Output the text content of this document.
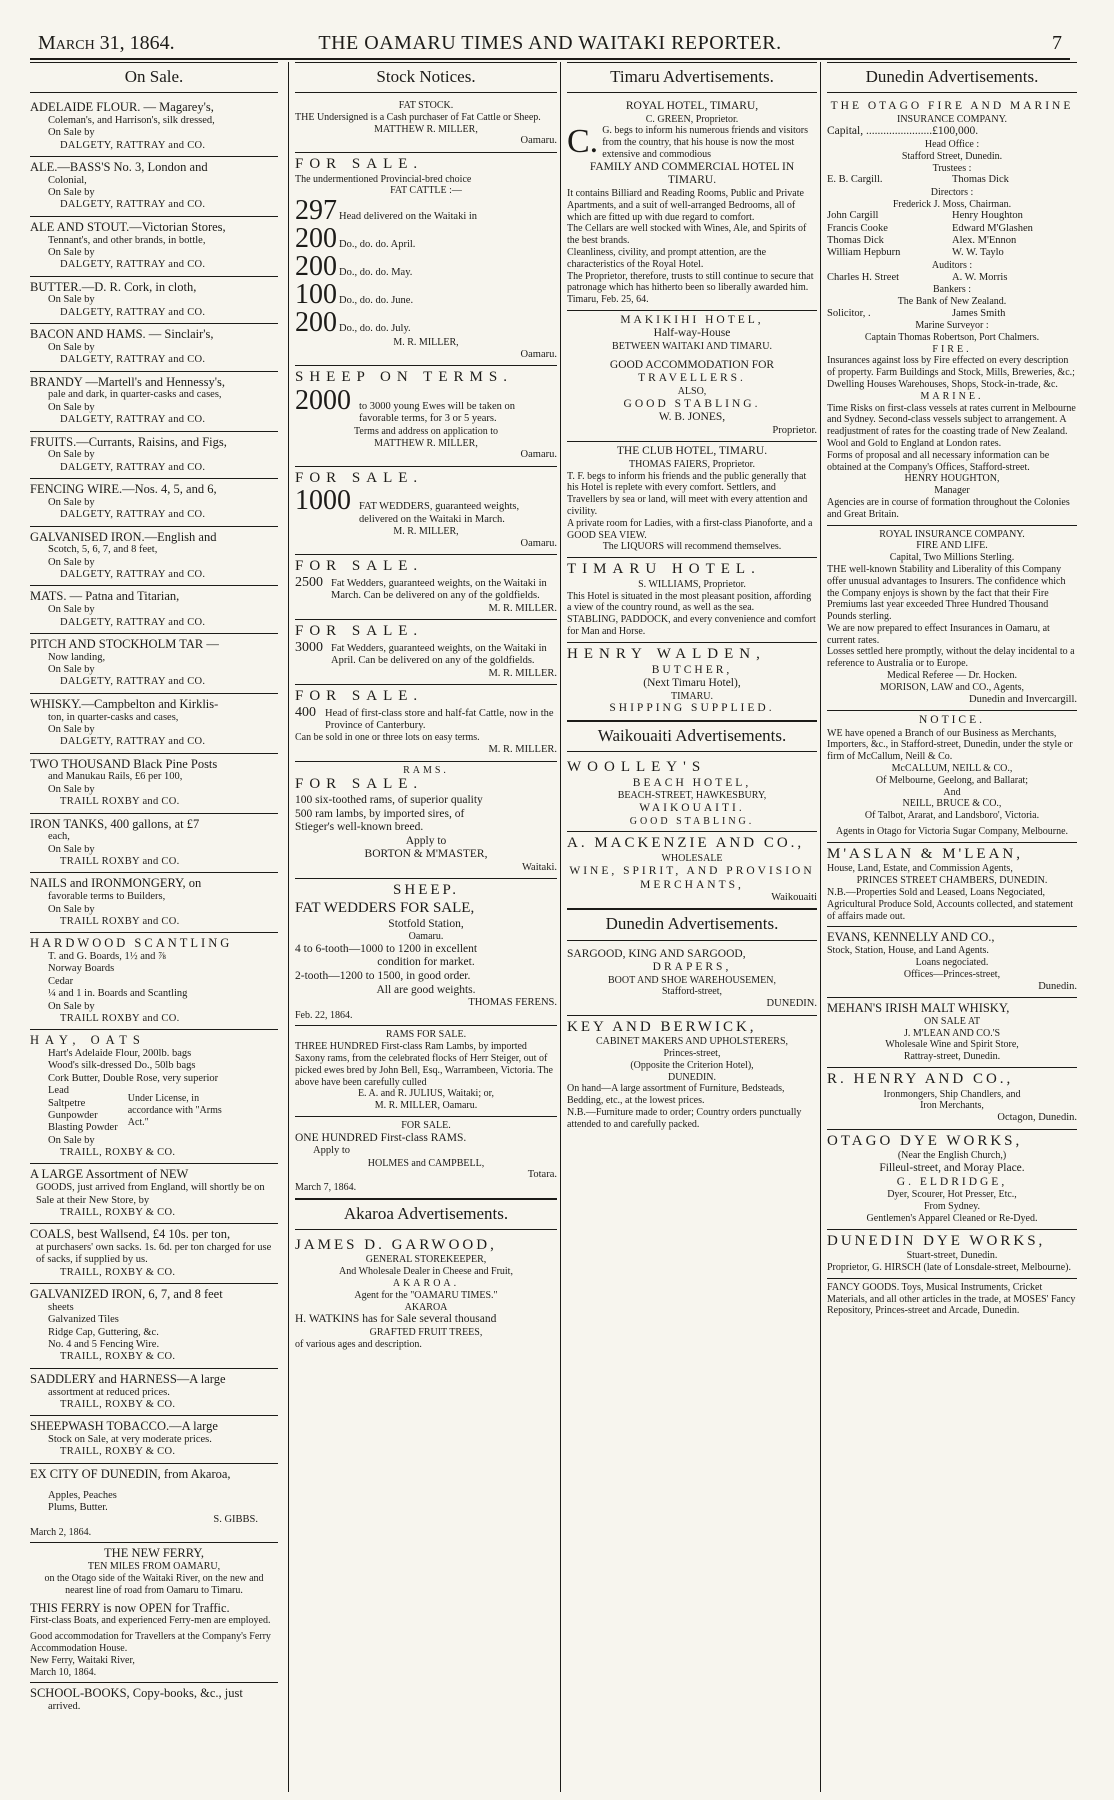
March 31, 1864.	THE OAMARU TIMES AND WAITAKI REPORTER.	7
On Sale.

ADELAIDE FLOUR. — Magarey's,

Coleman's, and Harrison's, silk dressed,

On Sale by

DALGETY, RATTRAY and CO.

ALE.—BASS'S No. 3, London and

Colonial,

On Sale by

DALGETY, RATTRAY and CO.

ALE AND STOUT.—Victorian Stores,

Tennant's, and other brands, in bottle,

On Sale by

DALGETY, RATTRAY and CO.

BUTTER.—D. R. Cork, in cloth,

On Sale by

DALGETY, RATTRAY and CO.

BACON AND HAMS. — Sinclair's,

On Sale by

DALGETY, RATTRAY and CO.

BRANDY —Martell's and Hennessy's,

pale and dark, in quarter-casks and cases,

On Sale by

DALGETY, RATTRAY and CO.

FRUITS.—Currants, Raisins, and Figs,

On Sale by

DALGETY, RATTRAY and CO.

FENCING WIRE.—Nos. 4, 5, and 6,

On Sale by

DALGETY, RATTRAY and CO.

GALVANISED IRON.—English and

Scotch, 5, 6, 7, and 8 feet,

On Sale by

DALGETY, RATTRAY and CO.

MATS. — Patna and Titarian,

On Sale by

DALGETY, RATTRAY and CO.

PITCH AND STOCKHOLM TAR —

Now landing,

On Sale by

DALGETY, RATTRAY and CO.

WHISKY.—Campbelton and Kirklis-

ton, in quarter-casks and cases,

On Sale by

DALGETY, RATTRAY and CO.

TWO THOUSAND Black Pine Posts

and Manukau Rails, £6 per 100,

On Sale by

TRAILL ROXBY and CO.

IRON TANKS, 400 gallons, at £7

each,

On Sale by

TRAILL ROXBY and CO.

NAILS and IRONMONGERY, on

favorable terms to Builders,

On Sale by

TRAILL ROXBY and CO.

HARDWOOD SCANTLING

T. and G. Boards, 1½ and ⅞

Norway Boards

Cedar

¼ and 1 in. Boards and Scantling

On Sale by

TRAILL ROXBY and CO.

HAY, OATS

Hart's Adelaide Flour, 200lb. bags

Wood's silk-dressed Do., 50lb bags

Cork Butter, Double Rose, very superior

Lead

Saltpetre

Gunpowder

Blasting Powder

Under License, in accordance with "Arms Act."

On Sale by

TRAILL, ROXBY & CO.

A LARGE Assortment of NEW

GOODS, just arrived from England, will shortly be on Sale at their New Store, by

TRAILL, ROXBY & CO.

COALS, best Wallsend, £4 10s. per ton,

at purchasers' own sacks. 1s. 6d. per ton charged for use of sacks, if supplied by us.

TRAILL, ROXBY & CO.

GALVANIZED IRON, 6, 7, and 8 feet

sheets

Galvanized Tiles

Ridge Cap, Guttering, &c.

No. 4 and 5 Fencing Wire.

TRAILL, ROXBY & CO.

SADDLERY and HARNESS—A large

assortment at reduced prices.

TRAILL, ROXBY & CO.

SHEEPWASH TOBACCO.—A large

Stock on Sale, at very moderate prices.

TRAILL, ROXBY & CO.

EX CITY OF DUNEDIN, from Akaroa,

Apples, Peaches

Plums, Butter.

S. GIBBS.

March 2, 1864.

THE NEW FERRY,

TEN MILES FROM OAMARU,

on the Otago side of the Waitaki River, on the new and nearest line of road from Oamaru to Timaru.

THIS FERRY is now OPEN for Traffic.

First-class Boats, and experienced Ferry-men are employed.

Good accommodation for Travellers at the Company's Ferry Accommodation House.

New Ferry, Waitaki River,

March 10, 1864.

SCHOOL-BOOKS, Copy-books, &c., just

arrived.

Stock Notices.

FAT STOCK.

THE Undersigned is a Cash purchaser of Fat Cattle or Sheep.

MATTHEW R. MILLER,

Oamaru.

FOR SALE.

The undermentioned Provincial-bred choice

FAT CATTLE :—

297 Head delivered on the Waitaki in
200 Do., do. do. April.
200 Do., do. do. May.
100 Do., do. do. June.
200 Do., do. do. July.

M. R. MILLER,

Oamaru.

SHEEP ON TERMS.

2000 to 3000 young Ewes will be taken on favorable terms, for 3 or 5 years.

Terms and address on application to

MATTHEW R. MILLER,

Oamaru.

FOR SALE.

1000 FAT WEDDERS, guaranteed weights, delivered on the Waitaki in March.

M. R. MILLER,

Oamaru.

FOR SALE.

2500 Fat Wedders, guaranteed weights, on the Waitaki in March. Can be delivered on any of the goldfields.

M. R. MILLER.

FOR SALE.

3000 Fat Wedders, guaranteed weights, on the Waitaki in April. Can be delivered on any of the goldfields.

M. R. MILLER.

FOR SALE.

400 Head of first-class store and half-fat Cattle, now in the Province of Canterbury.

Can be sold in one or three lots on easy terms.

M. R. MILLER.

RAMS.

FOR SALE.

100 six-toothed rams, of superior quality

500 ram lambs, by imported sires, of

Stieger's well-known breed.

Apply to

BORTON & M'MASTER,

Waitaki.

SHEEP.

FAT WEDDERS FOR SALE,

Stotfold Station,

Oamaru.

4 to 6-tooth—1000 to 1200 in excellent

condition for market.

2-tooth—1200 to 1500, in good order.

All are good weights.

THOMAS FERENS.

Feb. 22, 1864.

RAMS FOR SALE.

THREE HUNDRED First-class Ram Lambs, by imported Saxony rams, from the celebrated flocks of Herr Steiger, out of picked ewes bred by John Bell, Esq., Warrambeen, Victoria. The above have been carefully culled

E. A. and R. JULIUS, Waitaki; or,

M. R. MILLER, Oamaru.

FOR SALE.

ONE HUNDRED First-class RAMS.

Apply to

HOLMES and CAMPBELL,

Totara.

March 7, 1864.

Akaroa Advertisements.

JAMES D. GARWOOD,

GENERAL STOREKEEPER,

And Wholesale Dealer in Cheese and Fruit,

AKAROA.

Agent for the "OAMARU TIMES."

AKAROA

H. WATKINS has for Sale several thousand

GRAFTED FRUIT TREES,

of various ages and description.

Timaru Advertisements.

ROYAL HOTEL, TIMARU,

C. GREEN, Proprietor.

C. G. begs to inform his numerous friends and visitors from the country, that his house is now the most extensive and commodious

FAMILY AND COMMERCIAL HOTEL IN TIMARU.

It contains Billiard and Reading Rooms, Public and Private Apartments, and a suit of well-arranged Bedrooms, all of which are fitted up with due regard to comfort.

The Cellars are well stocked with Wines, Ale, and Spirits of the best brands.

Cleanliness, civility, and prompt attention, are the characteristics of the Royal Hotel.

The Proprietor, therefore, trusts to still continue to secure that patronage which has hitherto been so liberally awarded him.

Timaru, Feb. 25, 64.

MAKIKIHI HOTEL,

Half-way-House

BETWEEN WAITAKI AND TIMARU.

GOOD ACCOMMODATION FOR

TRAVELLERS.

ALSO,

GOOD STABLING.

W. B. JONES,

Proprietor.

THE CLUB HOTEL, TIMARU.

THOMAS FAIERS, Proprietor.

T. F. begs to inform his friends and the public generally that his Hotel is replete with every comfort. Settlers, and Travellers by sea or land, will meet with every attention and civility.

A private room for Ladies, with a first-class Pianoforte, and a GOOD SEA VIEW.

The LIQUORS will recommend themselves.

TIMARU HOTEL.

S. WILLIAMS, Proprietor.

This Hotel is situated in the most pleasant position, affording a view of the country round, as well as the sea.

STABLING, PADDOCK, and every convenience and comfort for Man and Horse.

HENRY WALDEN,

BUTCHER,

(Next Timaru Hotel),

TIMARU.

SHIPPING SUPPLIED.

Waikouaiti Advertisements.

WOOLLEY'S

BEACH HOTEL,

BEACH-STREET, HAWKESBURY,

WAIKOUAITI.

GOOD STABLING.

A. MACKENZIE AND CO.,

WHOLESALE

WINE, SPIRIT, AND PROVISION

MERCHANTS,

Waikouaiti

Dunedin Advertisements.

SARGOOD, KING AND SARGOOD,

DRAPERS,

BOOT AND SHOE WAREHOUSEMEN,

Stafford-street,

DUNEDIN.

KEY AND BERWICK,

CABINET MAKERS AND UPHOLSTERERS,

Princes-street,

(Opposite the Criterion Hotel),

DUNEDIN.

On hand—A large assortment of Furniture, Bedsteads, Bedding, etc., at the lowest prices.

N.B.—Furniture made to order; Country orders punctually attended to and carefully packed.

Dunedin Advertisements.

THE OTAGO FIRE AND MARINE

INSURANCE COMPANY.

Capital, .......................£100,000.

Head Office :

Stafford Street, Dunedin.

Trustees :

E. B. Cargill.	Thomas Dick

Directors :

Frederick J. Moss, Chairman.

John Cargill	Henry Houghton
Francis Cooke	Edward M'Glashen
Thomas Dick	Alex. M'Ennon
William Hepburn	W. W. Taylo

Auditors :

Charles H. Street	A. W. Morris

Bankers :

The Bank of New Zealand.

Solicitor, .	James Smith

Marine Surveyor :

Captain Thomas Robertson, Port Chalmers.

FIRE.

Insurances against loss by Fire effected on every description of property. Farm Buildings and Stock, Mills, Breweries, &c.; Dwelling Houses Warehouses, Shops, Stock-in-trade, &c.

MARINE.

Time Risks on first-class vessels at rates current in Melbourne and Sydney. Second-class vessels subject to arrangement. A readjustment of rates for the coasting trade of New Zealand. Wool and Gold to England at London rates.

Forms of proposal and all necessary information can be obtained at the Company's Offices, Stafford-street.

HENRY HOUGHTON,

Manager

Agencies are in course of formation throughout the Colonies and Great Britain.

ROYAL INSURANCE COMPANY.

FIRE AND LIFE.

Capital, Two Millions Sterling.

THE well-known Stability and Liberality of this Company offer unusual advantages to Insurers. The confidence which the Company enjoys is shown by the fact that their Fire Premiums last year exceeded Three Hundred Thousand Pounds sterling.

We are now prepared to effect Insurances in Oamaru, at current rates.

Losses settled here promptly, without the delay incidental to a reference to Australia or to Europe.

Medical Referee — Dr. Hocken.

MORISON, LAW and CO., Agents,

Dunedin and Invercargill.

NOTICE.

WE have opened a Branch of our Business as Merchants, Importers, &c., in Stafford-street, Dunedin, under the style or firm of McCallum, Neill & Co.

McCALLUM, NEILL & CO.,

Of Melbourne, Geelong, and Ballarat;

And

NEILL, BRUCE & CO.,

Of Talbot, Ararat, and Landsboro', Victoria.

Agents in Otago for Victoria Sugar Company, Melbourne.

M'ASLAN & M'LEAN,

House, Land, Estate, and Commission Agents,

PRINCES STREET CHAMBERS, DUNEDIN.

N.B.—Properties Sold and Leased, Loans Negociated, Agricultural Produce Sold, Accounts collected, and statement of affairs made out.

EVANS, KENNELLY AND CO.,

Stock, Station, House, and Land Agents.

Loans negociated.

Offices—Princes-street,

Dunedin.

MEHAN'S IRISH MALT WHISKY,

ON SALE AT

J. M'LEAN AND CO.'S

Wholesale Wine and Spirit Store,

Rattray-street, Dunedin.

R. HENRY AND CO.,

Ironmongers, Ship Chandlers, and

Iron Merchants,

Octagon, Dunedin.

OTAGO DYE WORKS,

(Near the English Church,)

Filleul-street, and Moray Place.

G. ELDRIDGE,

Dyer, Scourer, Hot Presser, Etc.,

From Sydney.

Gentlemen's Apparel Cleaned or Re-Dyed.

DUNEDIN DYE WORKS,

Stuart-street, Dunedin.

Proprietor, G. HIRSCH (late of Lonsdale-street, Melbourne).

FANCY GOODS. Toys, Musical Instruments, Cricket Materials, and all other articles in the trade, at MOSES' Fancy Repository, Princes-street and Arcade, Dunedin.
